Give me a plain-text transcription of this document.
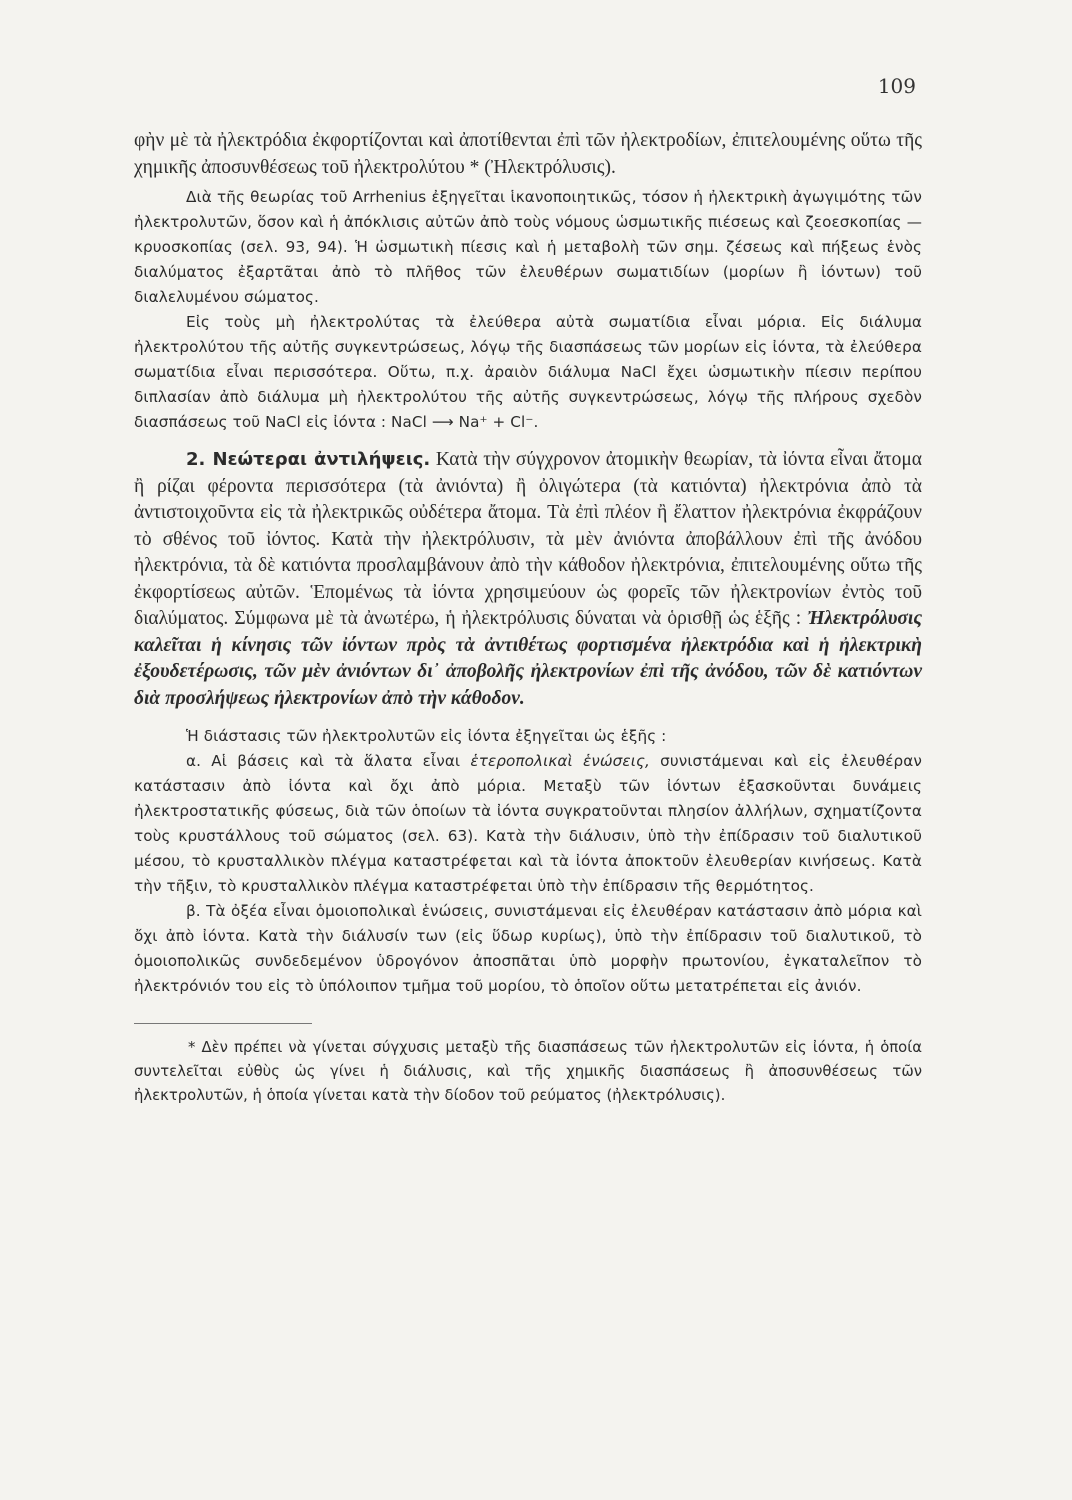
109

φὴν μὲ τὰ ἠλεκτρόδια ἐκφορτίζονται καὶ ἀποτίθενται ἐπὶ τῶν ἠλεκτροδίων, ἐπιτελουμένης οὕτω τῆς χημικῆς ἀποσυνθέσεως τοῦ ἠλεκτρολύτου * (Ἠλεκτρόλυσις).

Διὰ τῆς θεωρίας τοῦ Arrhenius ἐξηγεῖται ἱκανοποιητικῶς, τόσον ἡ ἠλεκτρικὴ ἀγωγιμότης τῶν ἠλεκτρολυτῶν, ὅσον καὶ ἡ ἀπόκλισις αὐτῶν ἀπὸ τοὺς νόμους ὡσμωτικῆς πιέσεως καὶ ζεοεσκοπίας — κρυοσκοπίας (σελ. 93, 94). Ἡ ὡσμωτικὴ πίεσις καὶ ἡ μεταβολὴ τῶν σημ. ζέσεως καὶ πήξεως ἑνὸς διαλύματος ἐξαρτᾶται ἀπὸ τὸ πλῆθος τῶν ἐλευθέρων σωματιδίων (μορίων ἢ ἰόντων) τοῦ διαλελυμένου σώματος.

Εἰς τοὺς μὴ ἠλεκτρολύτας τὰ ἐλεύθερα αὐτὰ σωματίδια εἶναι μόρια. Εἰς διάλυμα ἠλεκτρολύτου τῆς αὐτῆς συγκεντρώσεως, λόγῳ τῆς διασπάσεως τῶν μορίων εἰς ἰόντα, τὰ ἐλεύθερα σωματίδια εἶναι περισσότερα. Οὕτω, π.χ. ἀραιὸν διάλυμα NaCl ἔχει ὡσμωτικὴν πίεσιν περίπου διπλασίαν ἀπὸ διάλυμα μὴ ἠλεκτρολύτου τῆς αὐτῆς συγκεντρώσεως, λόγῳ τῆς πλήρους σχεδὸν διασπάσεως τοῦ NaCl εἰς ἰόντα : NaCl ⟶ Na⁺ + Cl⁻.

2. Νεώτεραι ἀντιλήψεις. Κατὰ τὴν σύγχρονον ἀτομικὴν θεωρίαν, τὰ ἰόντα εἶναι ἄτομα ἢ ρίζαι φέροντα περισσότερα (τὰ ἀνιόντα) ἢ ὀλιγώτερα (τὰ κατιόντα) ἠλεκτρόνια ἀπὸ τὰ ἀντιστοιχοῦντα εἰς τὰ ἠλεκτρικῶς οὐδέτερα ἄτομα. Τὰ ἐπὶ πλέον ἢ ἔλαττον ἠλεκτρόνια ἐκφράζουν τὸ σθένος τοῦ ἰόντος. Κατὰ τὴν ἠλεκτρόλυσιν, τὰ μὲν ἀνιόντα ἀποβάλλουν ἐπὶ τῆς ἀνόδου ἠλεκτρόνια, τὰ δὲ κατιόντα προσλαμβάνουν ἀπὸ τὴν κάθοδον ἠλεκτρόνια, ἐπιτελουμένης οὕτω τῆς ἐκφορτίσεως αὐτῶν. Ἑπομένως τὰ ἰόντα χρησιμεύουν ὡς φορεῖς τῶν ἠλεκτρονίων ἐντὸς τοῦ διαλύματος. Σύμφωνα μὲ τὰ ἀνωτέρω, ἡ ἠλεκτρόλυσις δύναται νὰ ὁρισθῇ ὡς ἑξῆς : Ἠλεκτρόλυσις καλεῖται ἡ κίνησις τῶν ἰόντων πρὸς τὰ ἀντιθέτως φορτισμένα ἠλεκτρόδια καὶ ἡ ἠλεκτρικὴ ἐξουδετέρωσις, τῶν μὲν ἀνιόντων δι᾽ ἀποβολῆς ἠλεκτρονίων ἐπὶ τῆς ἀνόδου, τῶν δὲ κατιόντων διὰ προσλήψεως ἠλεκτρονίων ἀπὸ τὴν κάθοδον.

Ἡ διάστασις τῶν ἠλεκτρολυτῶν εἰς ἰόντα ἐξηγεῖται ὡς ἑξῆς :

α. Αἱ βάσεις καὶ τὰ ἅλατα εἶναι ἑτεροπολικαὶ ἑνώσεις, συνιστάμεναι καὶ εἰς ἐλευθέραν κατάστασιν ἀπὸ ἰόντα καὶ ὄχι ἀπὸ μόρια. Μεταξὺ τῶν ἰόντων ἐξασκοῦνται δυνάμεις ἠλεκτροστατικῆς φύσεως, διὰ τῶν ὁποίων τὰ ἰόντα συγκρατοῦνται πλησίον ἀλλήλων, σχηματίζοντα τοὺς κρυστάλλους τοῦ σώματος (σελ. 63). Κατὰ τὴν διάλυσιν, ὑπὸ τὴν ἐπίδρασιν τοῦ διαλυτικοῦ μέσου, τὸ κρυσταλλικὸν πλέγμα καταστρέφεται καὶ τὰ ἰόντα ἀποκτοῦν ἐλευθερίαν κινήσεως. Κατὰ τὴν τῆξιν, τὸ κρυσταλλικὸν πλέγμα καταστρέφεται ὑπὸ τὴν ἐπίδρασιν τῆς θερμότητος.

β. Τὰ ὀξέα εἶναι ὁμοιοπολικαὶ ἑνώσεις, συνιστάμεναι εἰς ἐλευθέραν κατάστασιν ἀπὸ μόρια καὶ ὄχι ἀπὸ ἰόντα. Κατὰ τὴν διάλυσίν των (εἰς ὕδωρ κυρίως), ὑπὸ τὴν ἐπίδρασιν τοῦ διαλυτικοῦ, τὸ ὁμοιοπολικῶς συνδεδεμένον ὑδρογόνον ἀποσπᾶται ὑπὸ μορφὴν πρωτονίου, ἐγκαταλεῖπον τὸ ἠλεκτρόνιόν του εἰς τὸ ὑπόλοιπον τμῆμα τοῦ μορίου, τὸ ὁποῖον οὕτω μετατρέπεται εἰς ἀνιόν.

* Δὲν πρέπει νὰ γίνεται σύγχυσις μεταξὺ τῆς διασπάσεως τῶν ἠλεκτρολυτῶν εἰς ἰόντα, ἡ ὁποία συντελεῖται εὐθὺς ὡς γίνει ἡ διάλυσις, καὶ τῆς χημικῆς διασπάσεως ἢ ἀποσυνθέσεως τῶν ἠλεκτρολυτῶν, ἡ ὁποία γίνεται κατὰ τὴν δίοδον τοῦ ρεύματος (ἠλεκτρόλυσις).
